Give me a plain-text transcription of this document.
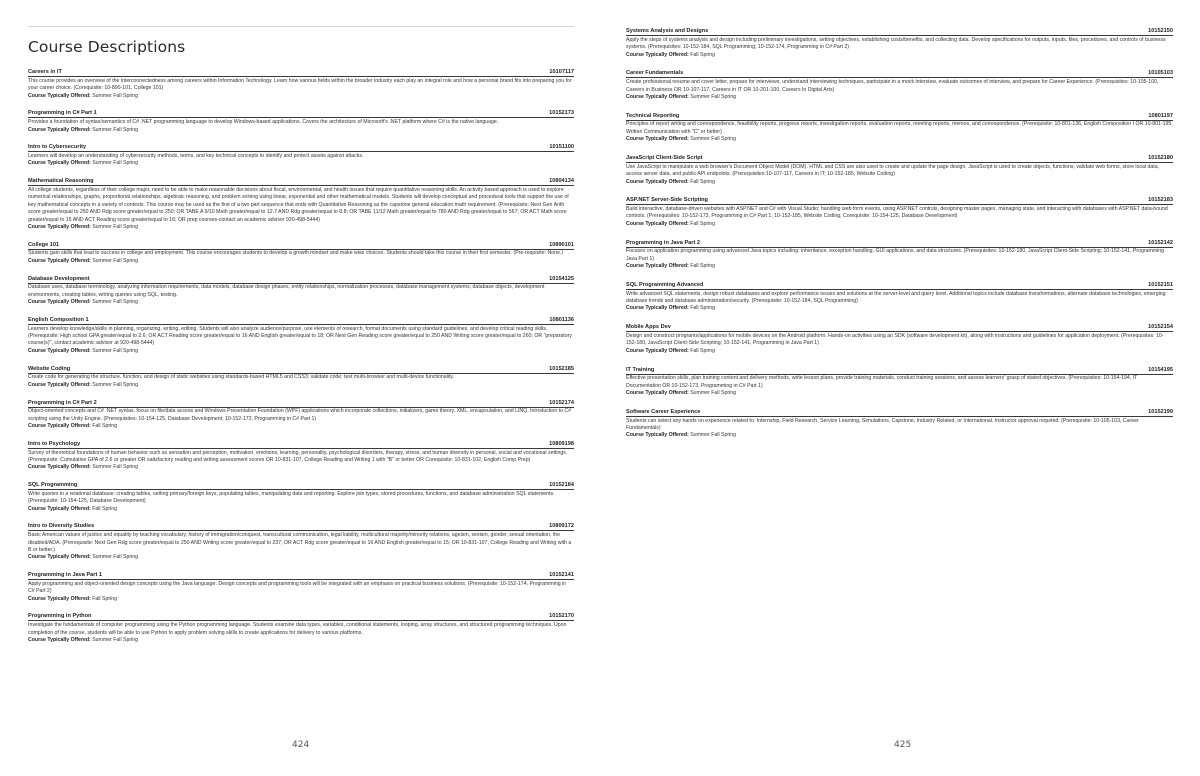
Course Descriptions
Careers in IT	10107117
This course provides an overview of the interconnectedness among careers within Information Technology. Learn how various fields within the broader industry each play an integral role and how a personal brand fits into preparing you for your career choice. (Corequisite: 10-890-101, College 101)
Course Typically Offered: Summer Fall Spring
Programming in C# Part 1	10152173
Provides a foundation of syntax/semantics of C# .NET programming language to develop Windows-based applications. Covers the architecture of Microsoft's .NET platform where C# is the native language.
Course Typically Offered: Summer Fall Spring
Intro to Cybersecurity	10151100
Learners will develop an understanding of cybersecurity methods, terms, and key technical concepts to identify and protect assets against attacks.
Course Typically Offered: Summer Fall Spring
Mathematical Reasoning	10804134
All college students, regardless of their college major, need to be able to make reasonable decisions about fiscal, environmental, and health issues that require quantitative reasoning skills. An activity based approach is used to explore numerical relationships, graphs, proportional relationships, algebraic reasoning, and problem solving using linear, exponential and other mathematical models. Students will develop conceptual and procedural tools that support the use of key mathematical concepts in a variety of contexts. This course may be used as the first of a two part sequence that ends with Quantitative Reasoning as the capstone general education math requirement. (Prerequisite: Next Gen Arith score greater/equal to 250 AND Rdg score greater/equal to 250; OR TABE A 9/10 Math greater/equal to 12.7 AND Rdg greater/equal to 8.8; OR TABE 11/12 Math greater/equal to 780 AND Rdg greater/equal to 567; OR ACT Math score greater/equal to 15 AND ACT Reading score greater/equal to 16; OR prep courses-contact an academic advisor 920-498-5444)
Course Typically Offered: Summer Fall Spring
College 101	10890101
Students gain skills that lead to success in college and employment. This course encourages students to develop a growth mindset and make wise choices. Students should take this course in their first semester. (Pre-requisite: None.)
Course Typically Offered: Summer Fall Spring
Database Development	10154125
Database uses, database terminology, analyzing information requirements, data models, database design phases, entity relationships, normalization processes, database management systems, database objects, development environments, creating tables, writing queries using SQL, testing.
Course Typically Offered: Summer Fall Spring
English Composition 1	10801136
Learners develop knowledge/skills in planning, organizing, writing, editing. Students will also analyze audience/purpose, use elements of research, format documents using standard guidelines, and develop critical reading skills. (Prerequisite: High school GPA greater/equal to 2.6; OR ACT Reading score greater/equal to 16 AND English greater/equal to 18; OR Next Gen Reading score greater/equal to 250 AND Writing score greater/equal to 260; OR "preparatory course(s)", contact academic advisor at 920-498-5444)
Course Typically Offered: Summer Fall Spring
Website Coding	10152185
Create code for generating the structure, function, and design of static websites using standards-based HTML5 and CSS3; validate code; test multi-browser and multi-device functionality.
Course Typically Offered: Summer Fall Spring
Programming in C# Part 2	10152174
Object-oriented concepts and C# .NET syntax, focus on file/data access and Windows Presentation Foundation (WPF) applications which incorporate collections, initializers, game theory, XML, encapsulation, and LINQ. Introduction to C# scripting using the Unity Engine. (Prerequisites: 10-154-125, Database Development; 10-152-173, Programming in C# Part 1)
Course Typically Offered: Fall Spring
Intro to Psychology	10809198
Survey of theoretical foundations of human behavior such as sensation and perception, motivation, emotions, learning, personality, psychological disorders, therapy, stress, and human diversity in personal, social and vocational settings. (Prerequisite: Cumulative GPA of 2.6 or greater OR satisfactory reading and writing assessment scores OR 10-831-107, College Reading and Writing 1 with "B" or better OR Corequisite: 10-831-102, English Comp Prep)
Course Typically Offered: Summer Fall Spring
SQL Programming	10152184
Write queries in a relational database: creating tables, setting primary/foreign keys, populating tables, manipulating data and reporting. Explore join types, stored procedures, functions, and database administration SQL statements. (Prerequisite: 10-154-125, Database Development)
Course Typically Offered: Fall Spring
Intro to Diversity Studies	10809172
Basic American values of justice and equality by teaching vocabulary, history of immigration/conquest, transcultural communication, legal liability, multicultural majority/minority relations, ageism, sexism, gender, sexual orientation, the disabled/ADA. (Prerequisite: Next Gen Rdg score greater/equal to 250 AND Writing score greater/equal to 237; OR ACT Rdg score greater/equal to 16 AND English greater/equal to 15; OR 10-831-107, College Reading and Writing with a B or better.)
Course Typically Offered: Summer Fall Spring
Programming in Java Part 1	10152141
Apply programming and object-oriented design concepts using the Java language. Design concepts and programming tools will be integrated with an emphasis on practical business solutions. (Prerequisite: 10-152-174, Programming in C# Part 2)
Course Typically Offered: Fall Spring
Programming in Python	10152170
Investigate the fundamentals of computer programming using the Python programming language. Students examine data types, variables, conditional statements, looping, array structures, and structured programming techniques. Upon completion of the course, students will be able to use Python to apply problem solving skills to create applications for delivery to various platforms.
Course Typically Offered: Summer Fall Spring
424
Systems Analysis and Designs	10152150
Apply the steps of systems analysis and design including preliminary investigations, setting objectives, establishing costs/benefits, and collecting data. Develop specifications for outputs, inputs, files, procedures, and controls of business systems. (Prerequisites: 10-152-184, SQL Programming; 10-152-174, Programming in C# Part 2)
Course Typically Offered: Fall Spring
Career Fundamentals	10105103
Create professional resume and cover letter, prepare for interviews, understand interviewing techniques, participate in a mock interview, evaluate outcomes of interview, and prepare for Career Experience. (Prerequisites: 10-105-100, Careers in Business OR 10-107-117, Careers in IT OR 10-201-100, Careers In Digital Arts)
Course Typically Offered: Summer Fall Spring
Technical Reporting	10801197
Principles of report writing and correspondence, feasibility reports, progress reports, investigation reports, evaluation reports, meeting reports, memos, and correspondence. (Prerequisite: 10-801-136, English Composition I OR 10-801-195, Written Communication with "C" or better)
Course Typically Offered: Summer Fall Spring
JavaScript Client-Side Script	10152180
Use JavaScript to manipulate a web browser's Document Object Model (DOM). HTML and CSS are also used to create and update the page design. JavaScript is used to create objects, functions, validate web forms, store local data, access server data, and public API endpoints. (Prerequisites:10-107-117, Careers in IT; 10-152-185, Website Coding)
Course Typically Offered: Fall Spring
ASP.NET Server-Side Scripting	10152183
Build interactive, database-driven websites with ASP.NET and C# with Visual Studio; handling web form events, using ASP.NET controls, designing master pages, managing state, and interacting with databases with ASP.NET data-bound controls. (Prerequisites: 10-152-173, Programming in C# Part 1; 10-152-185, Website Coding; Corequisite: 10-154-125, Database Development)
Course Typically Offered: Fall Spring
Programming in Java Part 2	10152142
Focuses on application programming using advanced Java topics including: inheritance, exception handling, GUI applications, and data structures. (Prerequisites: 10-152-180, JavaScript Client-Side Scripting; 10-152-141, Programming Java Part 1)
Course Typically Offered: Fall Spring
SQL Programming Advanced	10152151
Write advanced SQL statements, design robust databases and explore performance issues and solutions at the server-level and query level. Additional topics include database transformations, alternate database technologies, emerging database trends and database administration/security. (Prerequisite: 10-152-184, SQL Programming)
Course Typically Offered: Fall Spring
Mobile Apps Dev	10152154
Design and construct programs/applications for mobile devices on the Android platform. Hands-on activities using an SDK (software development kit), along with instructions and guidelines for application deployment. (Prerequisites: 10-152-180, JavaScript Client-Side Scripting; 10-152-141, Programming in Java Part 1)
Course Typically Offered: Fall Spring
IT Training	10154195
Effective presentation skills, plan training content and delivery methods, write lesson plans, provide training materials, conduct training sessions, and assess learners' grasp of stated objectives. (Prerequisites: 10-154-194, IT Documentation OR 10-152-173, Programming in C# Part 1)
Course Typically Offered: Summer Fall Spring
Software Career Experience	10152199
Students can select any hands on experience related to: Internship, Field Research, Service Learning, Simulations, Capstone, Industry Related, or International. Instructor approval required. (Prerequisite: 10-105-103, Career Fundamentals)
Course Typically Offered: Summer Fall Spring
425
